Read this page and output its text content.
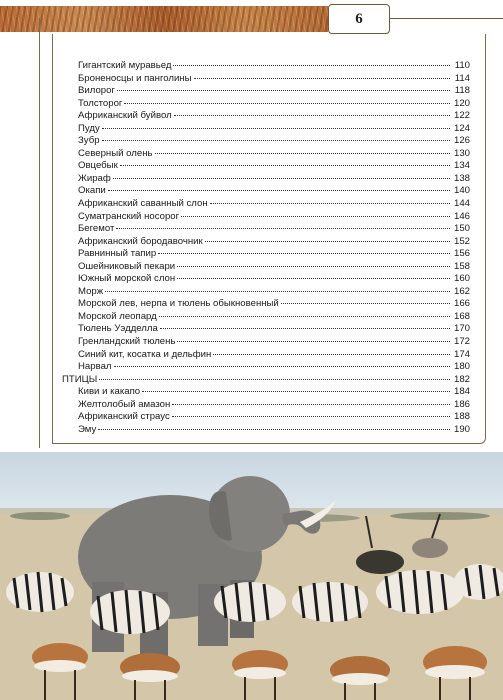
6
Гигантский муравьед	110
Броненосцы и панголины	114
Вилорог	118
Толсторог	120
Африканский буйвол	122
Пуду	124
Зубр	126
Северный олень	130
Овцебык	134
Жираф	138
Окапи	140
Африканский саванный слон	144
Суматранский носорог	146
Бегемот	150
Африканский бородавочник	152
Равнинный тапир	156
Ошейниковый пекари	158
Южный морской слон	160
Морж	162
Морской лев, нерпа и тюлень обыкновенный	166
Морской леопард	168
Тюлень Уэдделла	170
Гренландский тюлень	172
Синий кит, косатка и дельфин	174
Нарвал	180
ПТИЦЫ	182
Киви и какапо	184
Желтолобый амазон	186
Африканский страус	188
Эму	190
